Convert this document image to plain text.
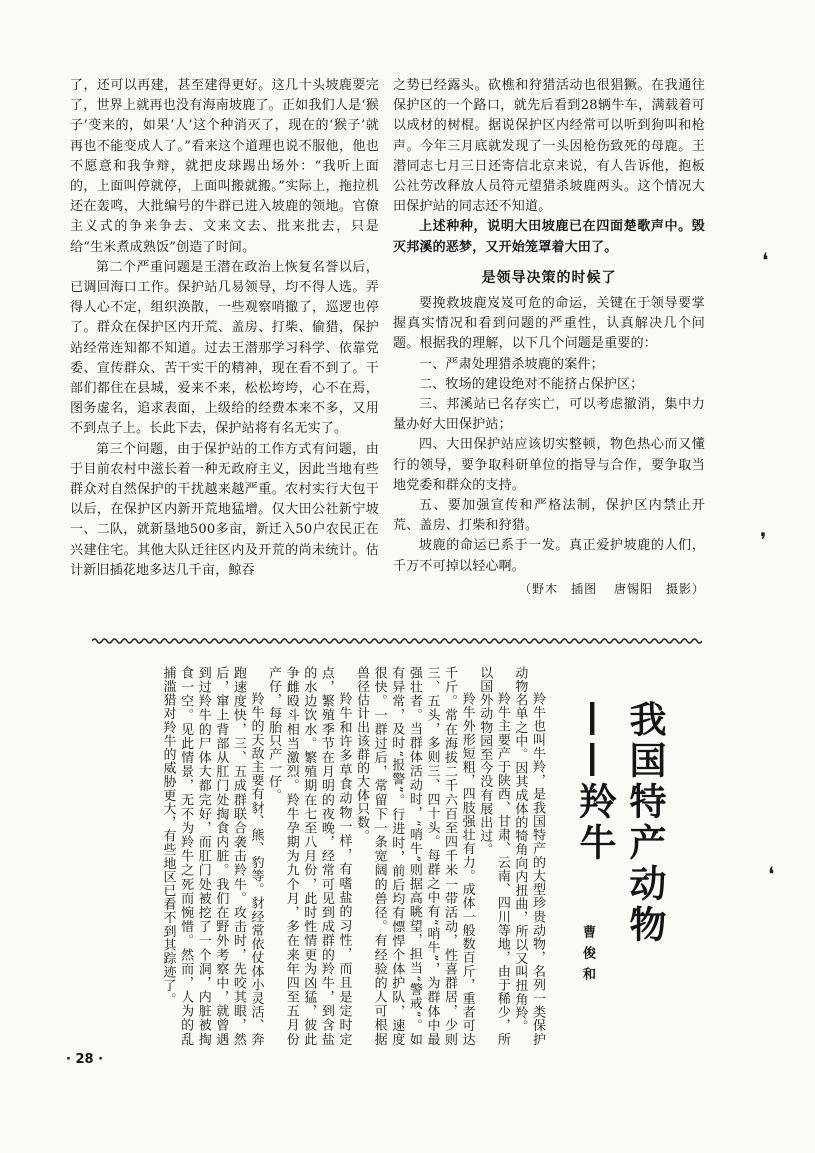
了，还可以再建，甚至建得更好。这几十头坡鹿要完了，世界上就再也没有海南坡鹿了。正如我们人是‘猴子’变来的，如果‘人’这个种消灭了，现在的‘猴子’就再也不能变成人了。”看来这个道理也说不服他，他也不愿意和我争辩，就把皮球踢出场外：“我听上面的，上面叫停就停，上面叫搬就搬。”实际上，拖拉机还在轰鸣，大批编号的牛群已进入坡鹿的领地。官僚主义式的争来争去、文来文去、批来批去，只是给“生米煮成熟饭”创造了时间。

第二个严重问题是王潜在政治上恢复名誉以后，已调回海口工作。保护站几易领导，均不得人选。弄得人心不定，组织涣散，一些观察哨撤了，巡逻也停了。群众在保护区内开荒、盖房、打柴、偷猎，保护站经常连知都不知道。过去王潜那学习科学、依靠党委、宣传群众、苦干实干的精神，现在看不到了。干部们都住在县城，爱来不来，松松垮垮，心不在焉，图务虚名，追求表面，上级给的经费本来不多，又用不到点子上。长此下去，保护站将有名无实了。

第三个问题，由于保护站的工作方式有问题，由于目前农村中滋长着一种无政府主义，因此当地有些群众对自然保护的干扰越来越严重。农村实行大包干以后，在保护区内新开荒地猛增。仅大田公社新宁坡一、二队，就新垦地500多亩，新迁入50户农民正在兴建住宅。其他大队迁往区内及开荒的尚未统计。估计新旧插花地多达几千亩，鲸吞

之势已经露头。砍樵和狩猎活动也很猖獗。在我通往保护区的一个路口，就先后看到28辆牛车，满载着可以成材的树棍。据说保护区内经常可以听到狗叫和枪声。今年三月底就发现了一头因枪伤致死的母鹿。王潜同志七月三日还寄信北京来说，有人告诉他，抱板公社劳改释放人员符元望猎杀坡鹿两头。这个情况大田保护站的同志还不知道。

上述种种，说明大田坡鹿已在四面楚歌声中。毁灭邦溪的恶梦，又开始笼罩着大田了。

是领导决策的时候了

要挽救坡鹿岌岌可危的命运，关键在于领导要掌握真实情况和看到问题的严重性，认真解决几个问题。根据我的理解，以下几个问题是重要的：

一、严肃处理猎杀坡鹿的案件；

二、牧场的建设绝对不能挤占保护区；

三、邦溪站已名存实亡，可以考虑撤消，集中力量办好大田保护站；

四、大田保护站应该切实整顿，物色热心而又懂行的领导，要争取科研单位的指导与合作，要争取当地党委和群众的支持。

五、要加强宣传和严格法制，保护区内禁止开荒、盖房、打柴和狩猎。

坡鹿的命运已系于一发。真正爱护坡鹿的人们，千万不可掉以轻心啊。

（野木　插图 唐锡阳　摄影）
我国特产动物——羚牛
曹俊和

羚牛也叫牛羚，是我国特产的大型珍贵动物，名列一类保护动物名单之中。因其成体的犄角向内扭曲，所以又叫扭角羚。

羚牛主要产于陕西、甘肃、云南、四川等地，由于稀少，所以国外动物园至今没有展出过。

羚牛外形短粗，四肢强壮有力。成体一般数百斤，重者可达千斤。常在海拔二千六百至四千米一带活动，性喜群居，少则三、五头，多则三、四十头。每群之中有“哨牛”，为群体中最强壮者。当群体活动时，“哨牛”则据高眺望，担当“警戒”。如有异常，及时“报警”。行进时，前后均有慓悍个体护队，速度很快。一群过后，常留下一条宽阔的兽径。有经验的人可根据兽径估计出该群的大体只数。

羚牛和许多草食动物一样，有嗜盐的习性，而且是定时定点，繁殖季节在月明的夜晚，经常可见到成群的羚牛，到含盐的水边饮水。繁殖期在七至八月份，此时性情更为凶猛，彼此争雌殴斗相当激烈。羚牛孕期为九个月，多在来年四至五月份产仔，每胎只产一仔。

羚牛的天敌主要有豺、熊、豹等。豺经常依仗体小灵活、奔跑速度快，三、五成群联合袭击羚牛。攻击时，先咬其眼，然后，窜上背部从肛门处掏食内脏。我们在野外考察中，就曾遇到过羚牛的尸体大都完好，而肛门处被挖了一个洞，内脏被掏食一空。见此情景，无不为羚牛之死而惋惜。然而，人为的乱捕滥猎对羚牛的威胁更大，有些地区已看不到其踪迹了。

· 28 ·
❛
❜
❛
